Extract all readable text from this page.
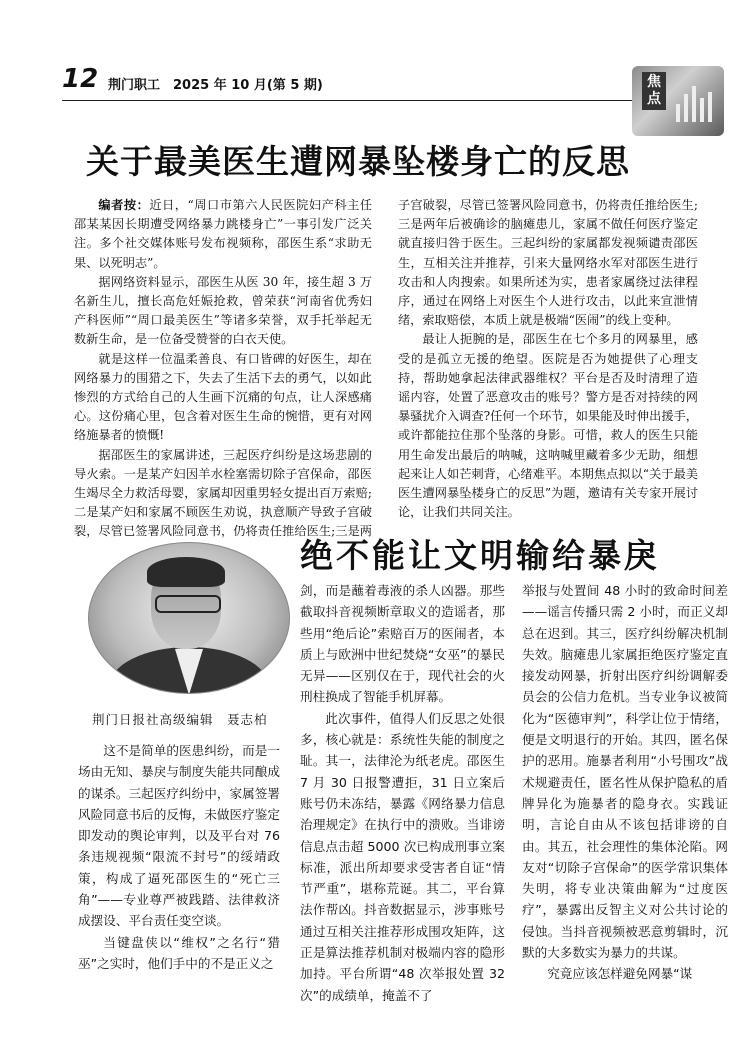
12 荆门职工　2025 年 10 月(第 5 期)	焦点
关于最美医生遭网暴坠楼身亡的反思

编者按：近日，“周口市第六人民医院妇产科主任邵某某因长期遭受网络暴力跳楼身亡”一事引发广泛关注。多个社交媒体账号发布视频称，邵医生系“求助无果、以死明志”。

据网络资料显示，邵医生从医 30 年，接生超 3 万名新生儿，擅长高危妊娠抢救，曾荣获“河南省优秀妇产科医师”“周口最美医生”等诸多荣誉，双手托举起无数新生命，是一位备受赞誉的白衣天使。

就是这样一位温柔善良、有口皆碑的好医生，却在网络暴力的围猎之下，失去了生活下去的勇气，以如此惨烈的方式给自己的人生画下沉痛的句点，让人深感痛心。这份痛心里，包含着对医生生命的惋惜，更有对网络施暴者的愤慨!

据邵医生的家属讲述，三起医疗纠纷是这场悲剧的导火索。一是某产妇因羊水栓塞需切除子宫保命，邵医生竭尽全力救活母婴，家属却因重男轻女提出百万索赔;二是某产妇和家属不顾医生劝说，执意顺产导致子宫破裂，尽管已签署风险同意书，仍将责任推给医生;三是两

子宫破裂，尽管已签署风险同意书，仍将责任推给医生;三是两年后被确诊的脑瘫患儿，家属不做任何医疗鉴定就直接归咎于医生。三起纠纷的家属都发视频谴责邵医生，互相关注并推荐，引来大量网络水军对邵医生进行攻击和人肉搜索。如果所述为实，患者家属绕过法律程序，通过在网络上对医生个人进行攻击，以此来宣泄情绪，索取赔偿，本质上就是极端“医闹”的线上变种。

最让人扼腕的是，邵医生在七个多月的网暴里，感受的是孤立无援的绝望。医院是否为她提供了心理支持，帮助她拿起法律武器维权？平台是否及时清理了造谣内容，处置了恶意攻击的账号？警方是否对持续的网暴骚扰介入调查?任何一个环节，如果能及时伸出援手，或许都能拉住那个坠落的身影。可惜，救人的医生只能用生命发出最后的呐喊，这呐喊里藏着多少无助，细想起来让人如芒刺背，心绪难平。本期焦点拟以“关于最美医生遭网暴坠楼身亡的反思”为题，邀请有关专家开展讨论，让我们共同关注。

绝不能让文明输给暴戾
荆门日报社高级编辑　聂志柏

这不是简单的医患纠纷，而是一场由无知、暴戾与制度失能共同酿成的谋杀。三起医疗纠纷中，家属签署风险同意书后的反悔，未做医疗鉴定即发动的舆论审判，以及平台对 76 条违规视频“限流不封号”的绥靖政策，构成了逼死邵医生的“死亡三角”——专业尊严被践踏、法律救济成摆设、平台责任变空谈。

当键盘侠以“维权”之名行“猎巫”之实时，他们手中的不是正义之

剑，而是蘸着毒液的杀人凶器。那些截取抖音视频断章取义的造谣者，那些用“绝后论”索赔百万的医闹者，本质上与欧洲中世纪焚烧“女巫”的暴民无异——区别仅在于，现代社会的火刑柱换成了智能手机屏幕。

此次事件，值得人们反思之处很多，核心就是：系统性失能的制度之耻。其一，法律沦为纸老虎。邵医生 7 月 30 日报警遭拒，31 日立案后账号仍未冻结，暴露《网络暴力信息治理规定》在执行中的溃败。当诽谤信息点击超 5000 次已构成刑事立案标准，派出所却要求受害者自证“情节严重”，堪称荒诞。其二，平台算法作帮凶。抖音数据显示，涉事账号通过互相关注推荐形成围攻矩阵，这正是算法推荐机制对极端内容的隐形加持。平台所谓“48 次举报处置 32 次”的成绩单，掩盖不了

举报与处置间 48 小时的致命时间差——谣言传播只需 2 小时，而正义却总在迟到。其三，医疗纠纷解决机制失效。脑瘫患儿家属拒绝医疗鉴定直接发动网暴，折射出医疗纠纷调解委员会的公信力危机。当专业争议被简化为“医德审判”，科学让位于情绪，便是文明退行的开始。其四，匿名保护的恶用。施暴者利用“小号围攻”战术规避责任，匿名性从保护隐私的盾牌异化为施暴者的隐身衣。实践证明，言论自由从不该包括诽谤的自由。其五，社会理性的集体沦陷。网友对“切除子宫保命”的医学常识集体失明，将专业决策曲解为“过度医疗”，暴露出反智主义对公共讨论的侵蚀。当抖音视频被恶意剪辑时，沉默的大多数实为暴力的共谋。

究竟应该怎样避免网暴“谋
